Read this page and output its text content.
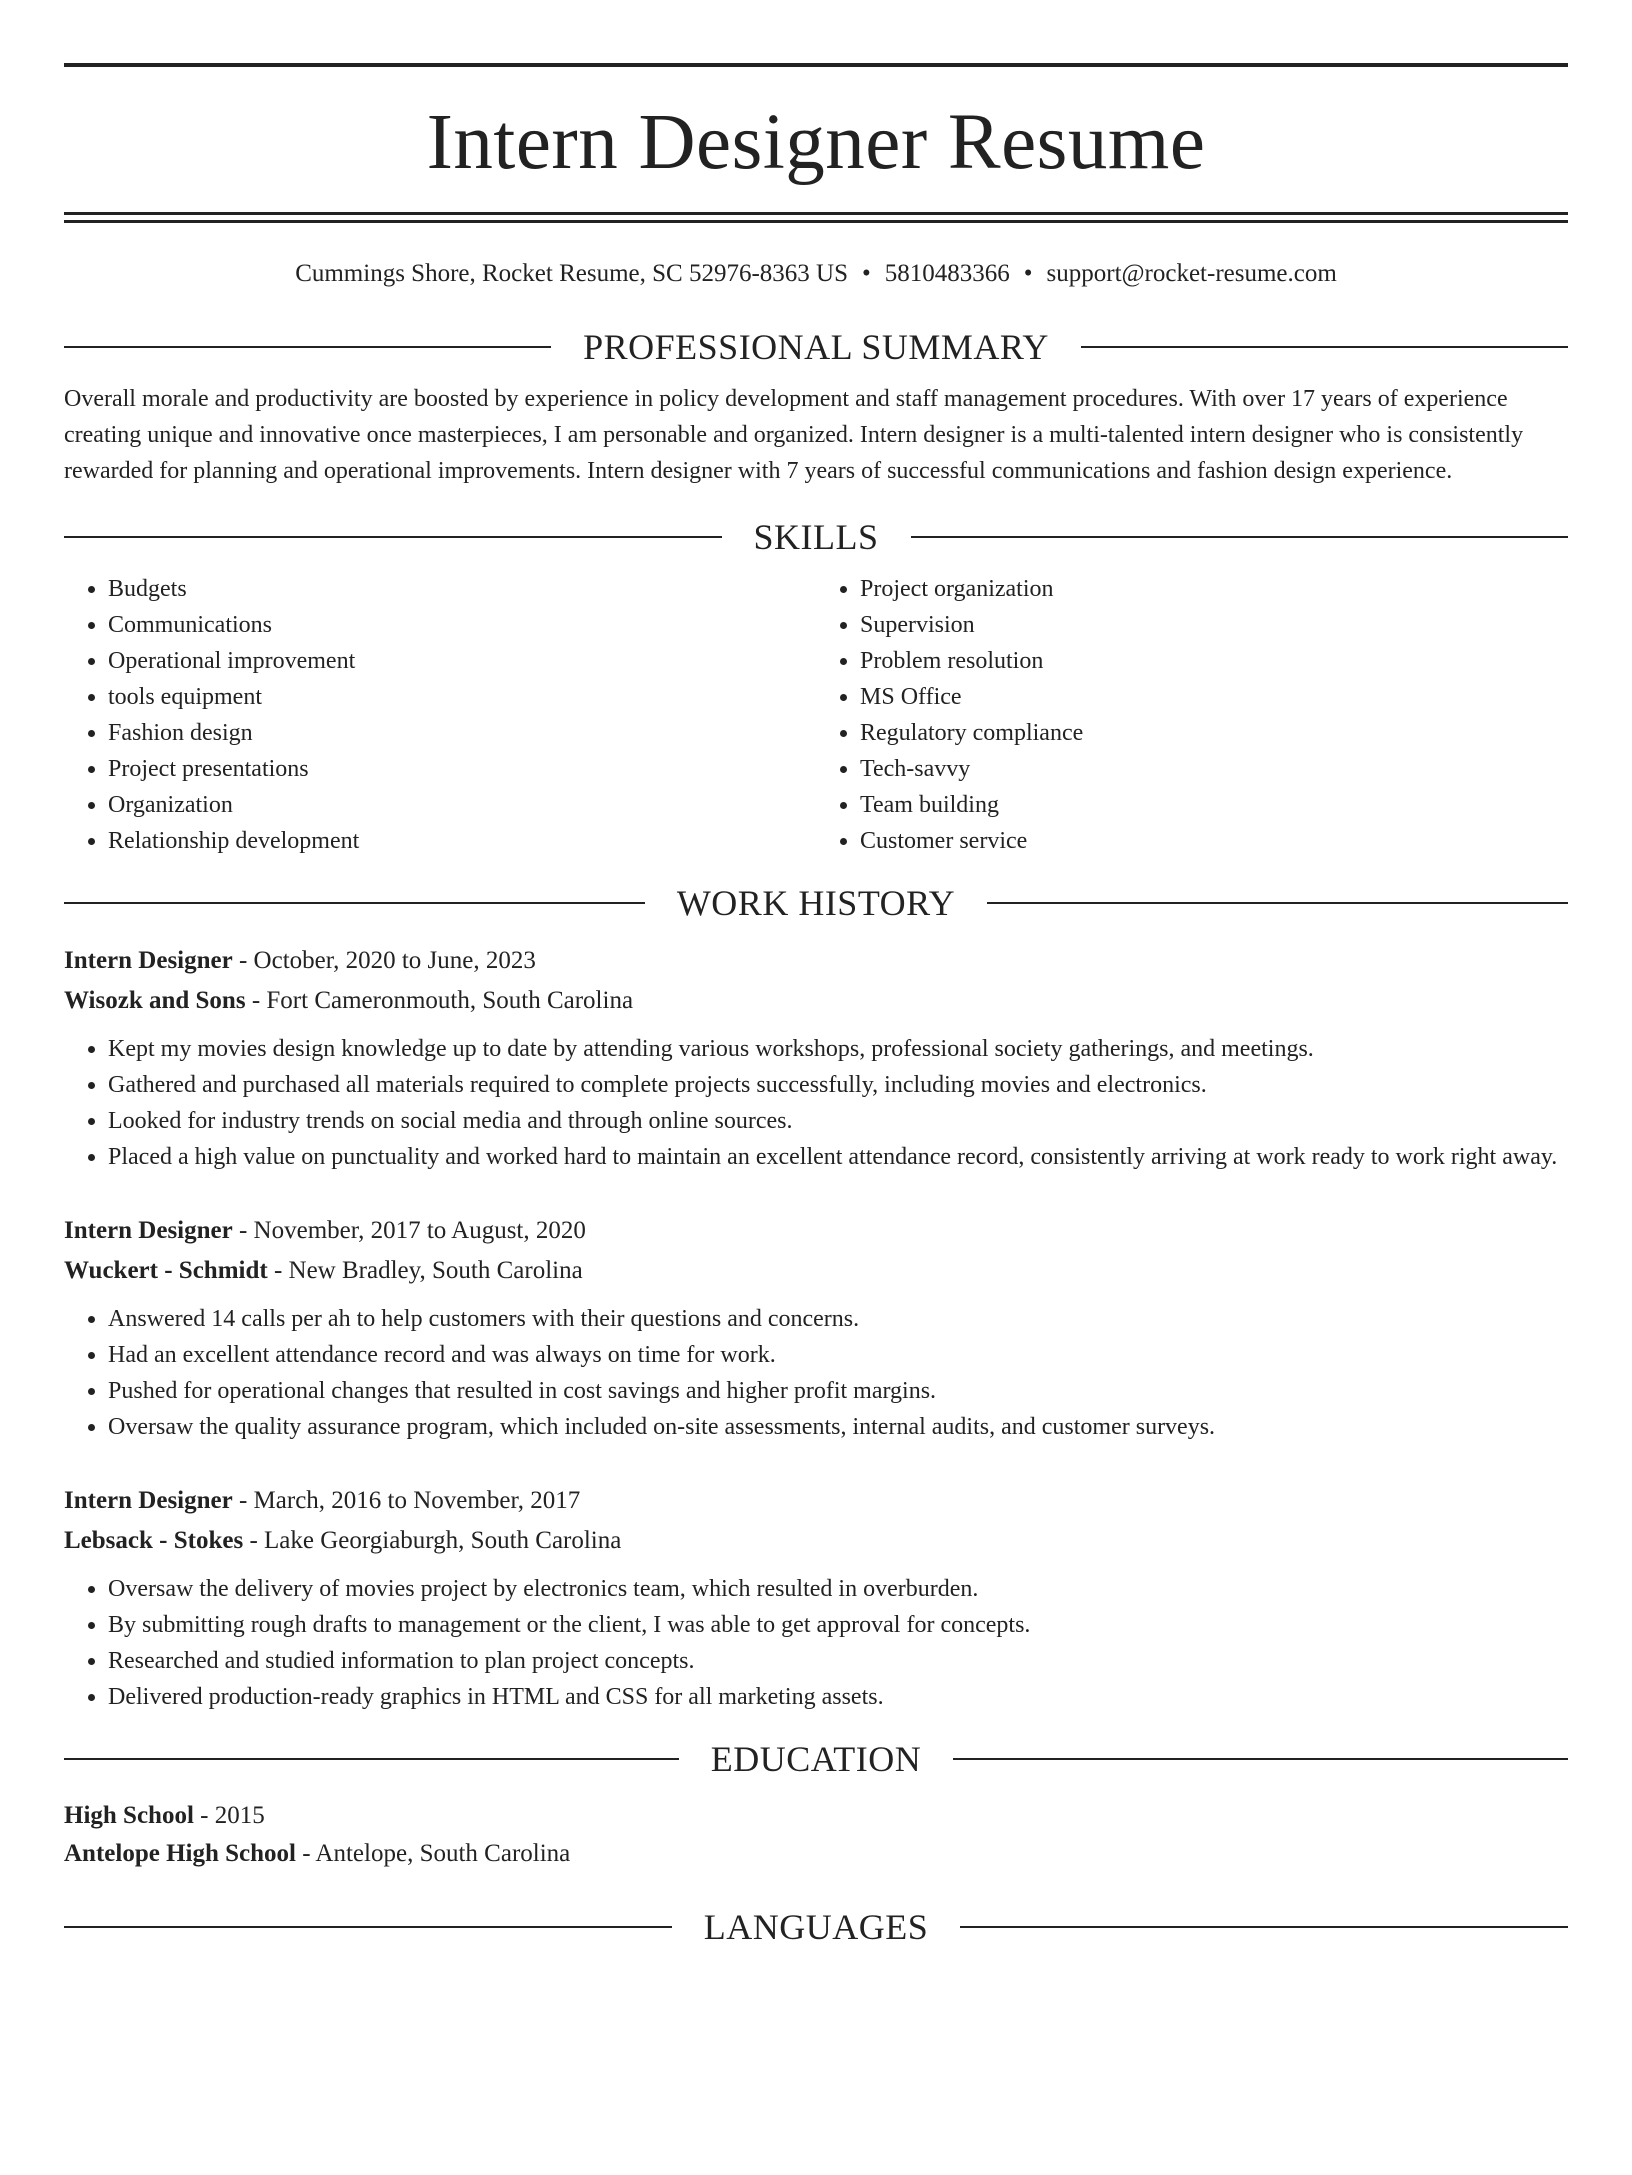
Intern Designer Resume
Cummings Shore, Rocket Resume, SC 52976-8363 US • 5810483366 • support@rocket-resume.com
PROFESSIONAL SUMMARY
Overall morale and productivity are boosted by experience in policy development and staff management procedures. With over 17 years of experience creating unique and innovative once masterpieces, I am personable and organized. Intern designer is a multi-talented intern designer who is consistently rewarded for planning and operational improvements. Intern designer with 7 years of successful communications and fashion design experience.
SKILLS
• Budgets
• Communications
• Operational improvement
• tools equipment
• Fashion design
• Project presentations
• Organization
• Relationship development
• Project organization
• Supervision
• Problem resolution
• MS Office
• Regulatory compliance
• Tech-savvy
• Team building
• Customer service
WORK HISTORY
Intern Designer - October, 2020 to June, 2023
Wisozk and Sons - Fort Cameronmouth, South Carolina
• Kept my movies design knowledge up to date by attending various workshops, professional society gatherings, and meetings.
• Gathered and purchased all materials required to complete projects successfully, including movies and electronics.
• Looked for industry trends on social media and through online sources.
• Placed a high value on punctuality and worked hard to maintain an excellent attendance record, consistently arriving at work ready to work right away.
Intern Designer - November, 2017 to August, 2020
Wuckert - Schmidt - New Bradley, South Carolina
• Answered 14 calls per ah to help customers with their questions and concerns.
• Had an excellent attendance record and was always on time for work.
• Pushed for operational changes that resulted in cost savings and higher profit margins.
• Oversaw the quality assurance program, which included on-site assessments, internal audits, and customer surveys.
Intern Designer - March, 2016 to November, 2017
Lebsack - Stokes - Lake Georgiaburgh, South Carolina
• Oversaw the delivery of movies project by electronics team, which resulted in overburden.
• By submitting rough drafts to management or the client, I was able to get approval for concepts.
• Researched and studied information to plan project concepts.
• Delivered production-ready graphics in HTML and CSS for all marketing assets.
EDUCATION
High School - 2015
Antelope High School - Antelope, South Carolina
LANGUAGES
